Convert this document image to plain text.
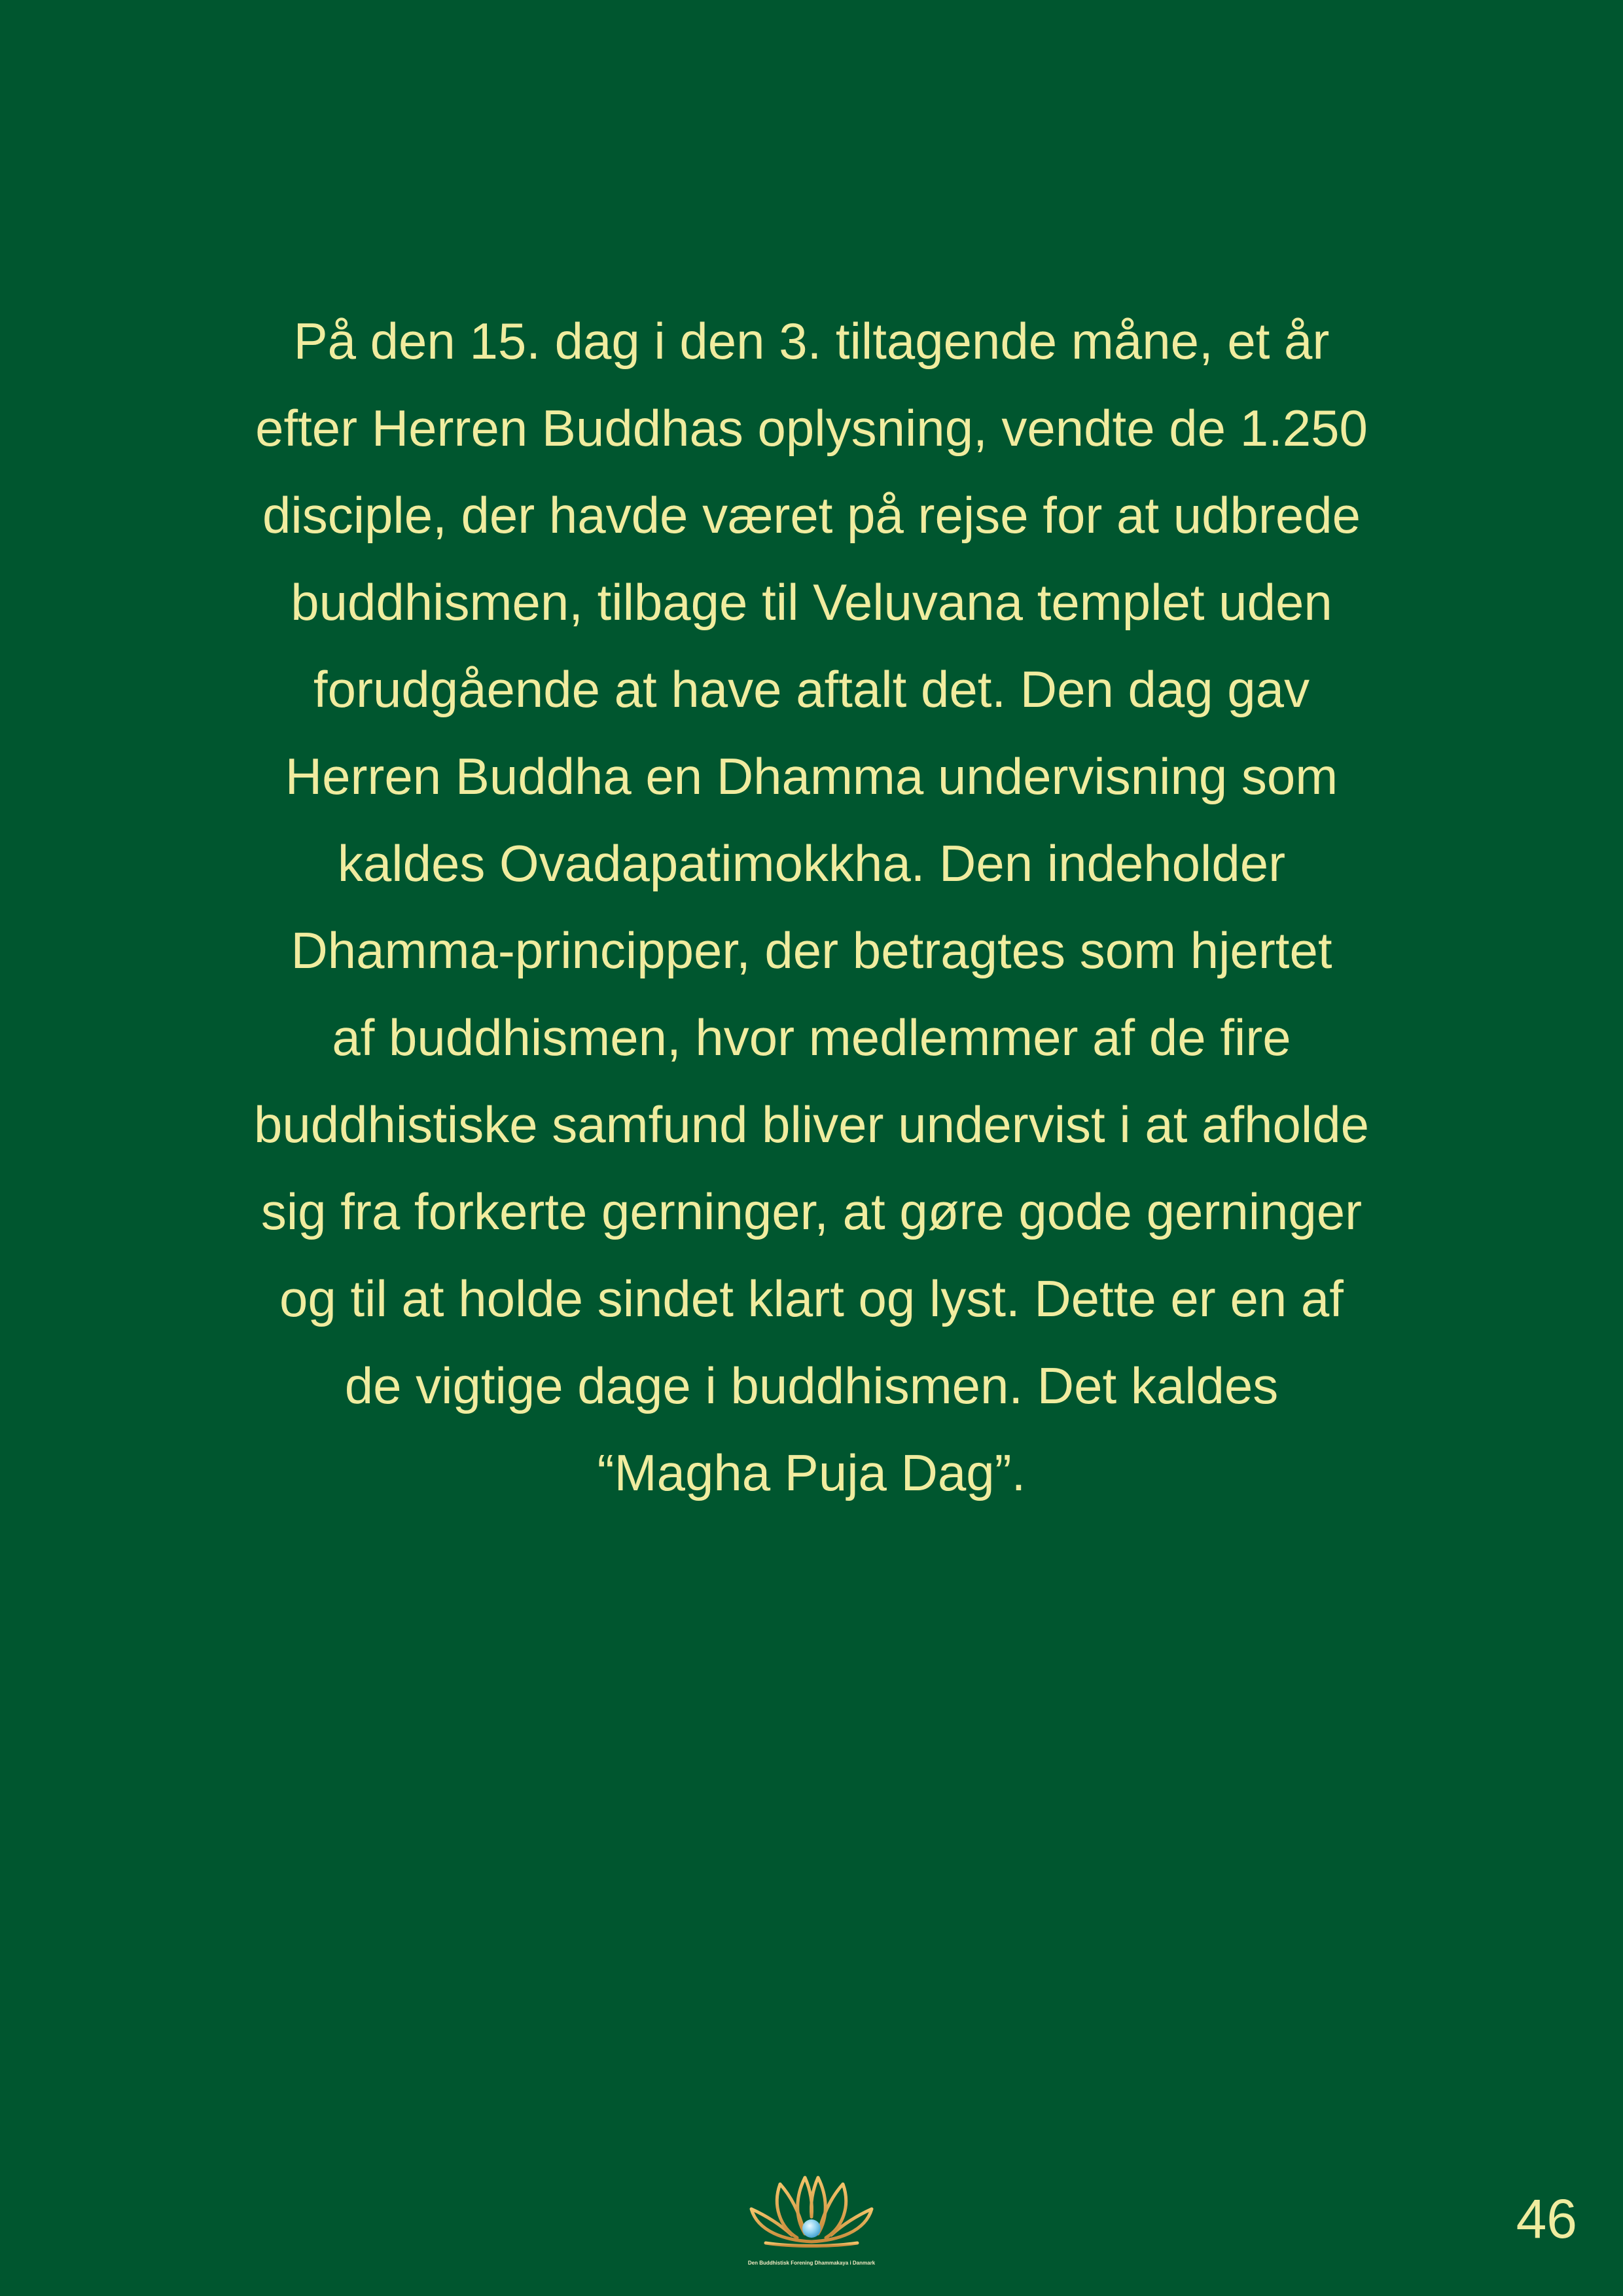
På den 15. dag i den 3. tiltagende måne, et år
efter Herren Buddhas oplysning, vendte de 1.250
disciple, der havde været på rejse for at udbrede
buddhismen, tilbage til Veluvana templet uden
forudgående at have aftalt det. Den dag gav
Herren Buddha en Dhamma undervisning som
kaldes Ovadapatimokkha. Den indeholder
Dhamma-principper, der betragtes som hjertet
af buddhismen, hvor medlemmer af de fire
buddhistiske samfund bliver undervist i at afholde
sig fra forkerte gerninger, at gøre gode gerninger
og til at holde sindet klart og lyst. Dette er en af
de vigtige dage i buddhismen. Det kaldes
“Magha Puja Dag”.

Den Buddhistisk Forening Dhammakaya i Danmark
46
